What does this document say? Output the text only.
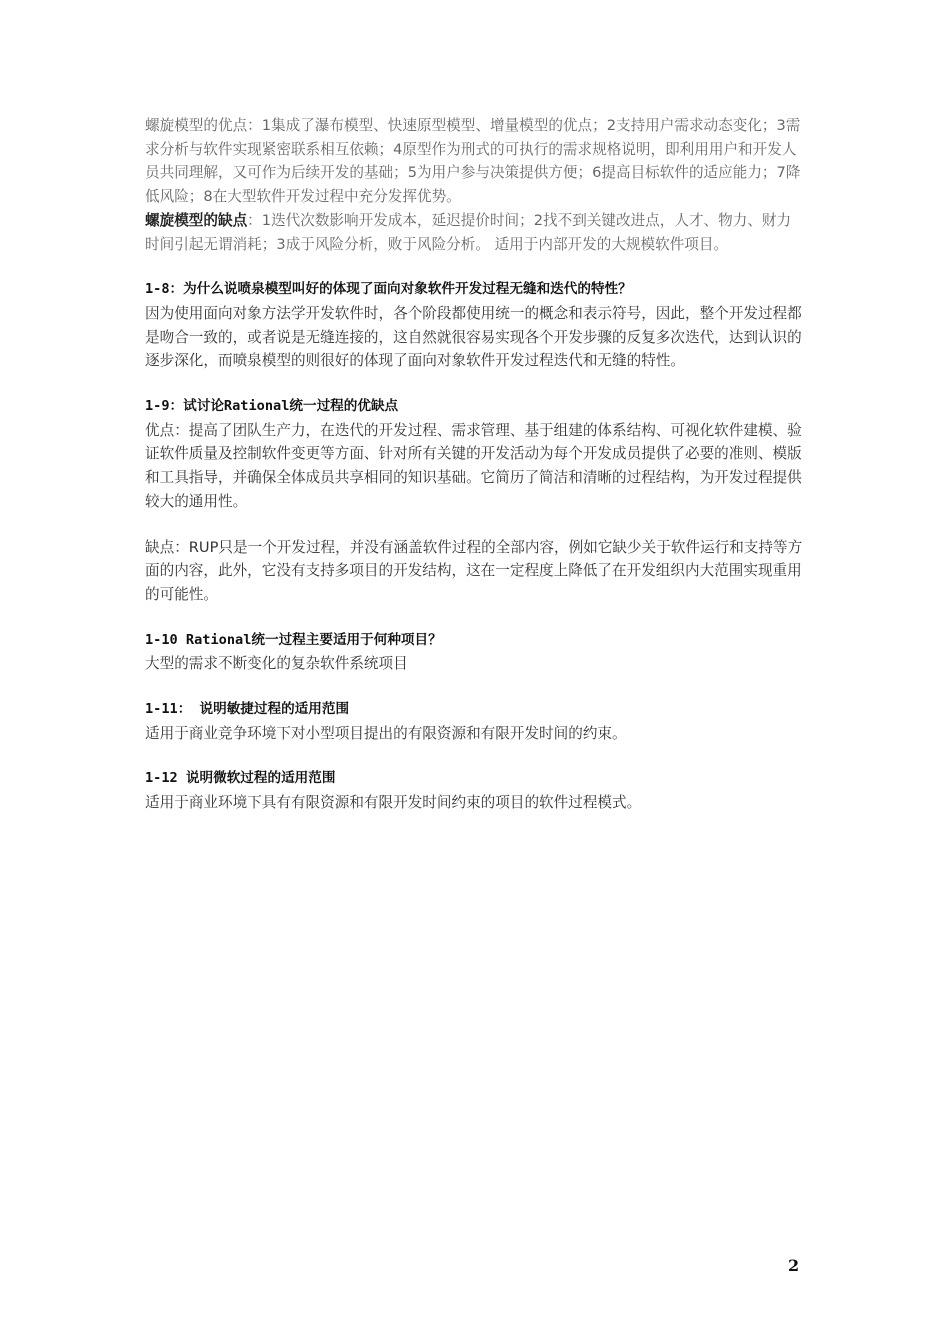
螺旋模型的优点：1集成了瀑布模型、快速原型模型、增量模型的优点；2支持用户需求动态变化；3需求分析与软件实现紧密联系相互依赖；4原型作为刑式的可执行的需求规格说明，即利用用户和开发人员共同理解，又可作为后续开发的基础；5为用户参与决策提供方便；6提高目标软件的适应能力；7降低风险；8在大型软件开发过程中充分发挥优势。

螺旋模型的缺点：1迭代次数影响开发成本，延迟提价时间；2找不到关键改进点，人才、物力、财力时间引起无谓消耗；3成于风险分析，败于风险分析。 适用于内部开发的大规模软件项目。

1-8：为什么说喷泉模型叫好的体现了面向对象软件开发过程无缝和迭代的特性？

因为使用面向对象方法学开发软件时，各个阶段都使用统一的概念和表示符号，因此，整个开发过程都是吻合一致的，或者说是无缝连接的，这自然就很容易实现各个开发步骤的反复多次迭代，达到认识的逐步深化，而喷泉模型的则很好的体现了面向对象软件开发过程迭代和无缝的特性。

1-9：试讨论Rational统一过程的优缺点

优点：提高了团队生产力，在迭代的开发过程、需求管理、基于组建的体系结构、可视化软件建模、验证软件质量及控制软件变更等方面、针对所有关键的开发活动为每个开发成员提供了必要的准则、模版和工具指导，并确保全体成员共享相同的知识基础。它简历了简洁和清晰的过程结构，为开发过程提供较大的通用性。

缺点：RUP只是一个开发过程，并没有涵盖软件过程的全部内容，例如它缺少关于软件运行和支持等方面的内容，此外，它没有支持多项目的开发结构，这在一定程度上降低了在开发组织内大范围实现重用的可能性。

1-10 Rational统一过程主要适用于何种项目？

大型的需求不断变化的复杂软件系统项目

1-11： 说明敏捷过程的适用范围

适用于商业竞争环境下对小型项目提出的有限资源和有限开发时间的约束。

1-12 说明微软过程的适用范围

适用于商业环境下具有有限资源和有限开发时间约束的项目的软件过程模式。

2
